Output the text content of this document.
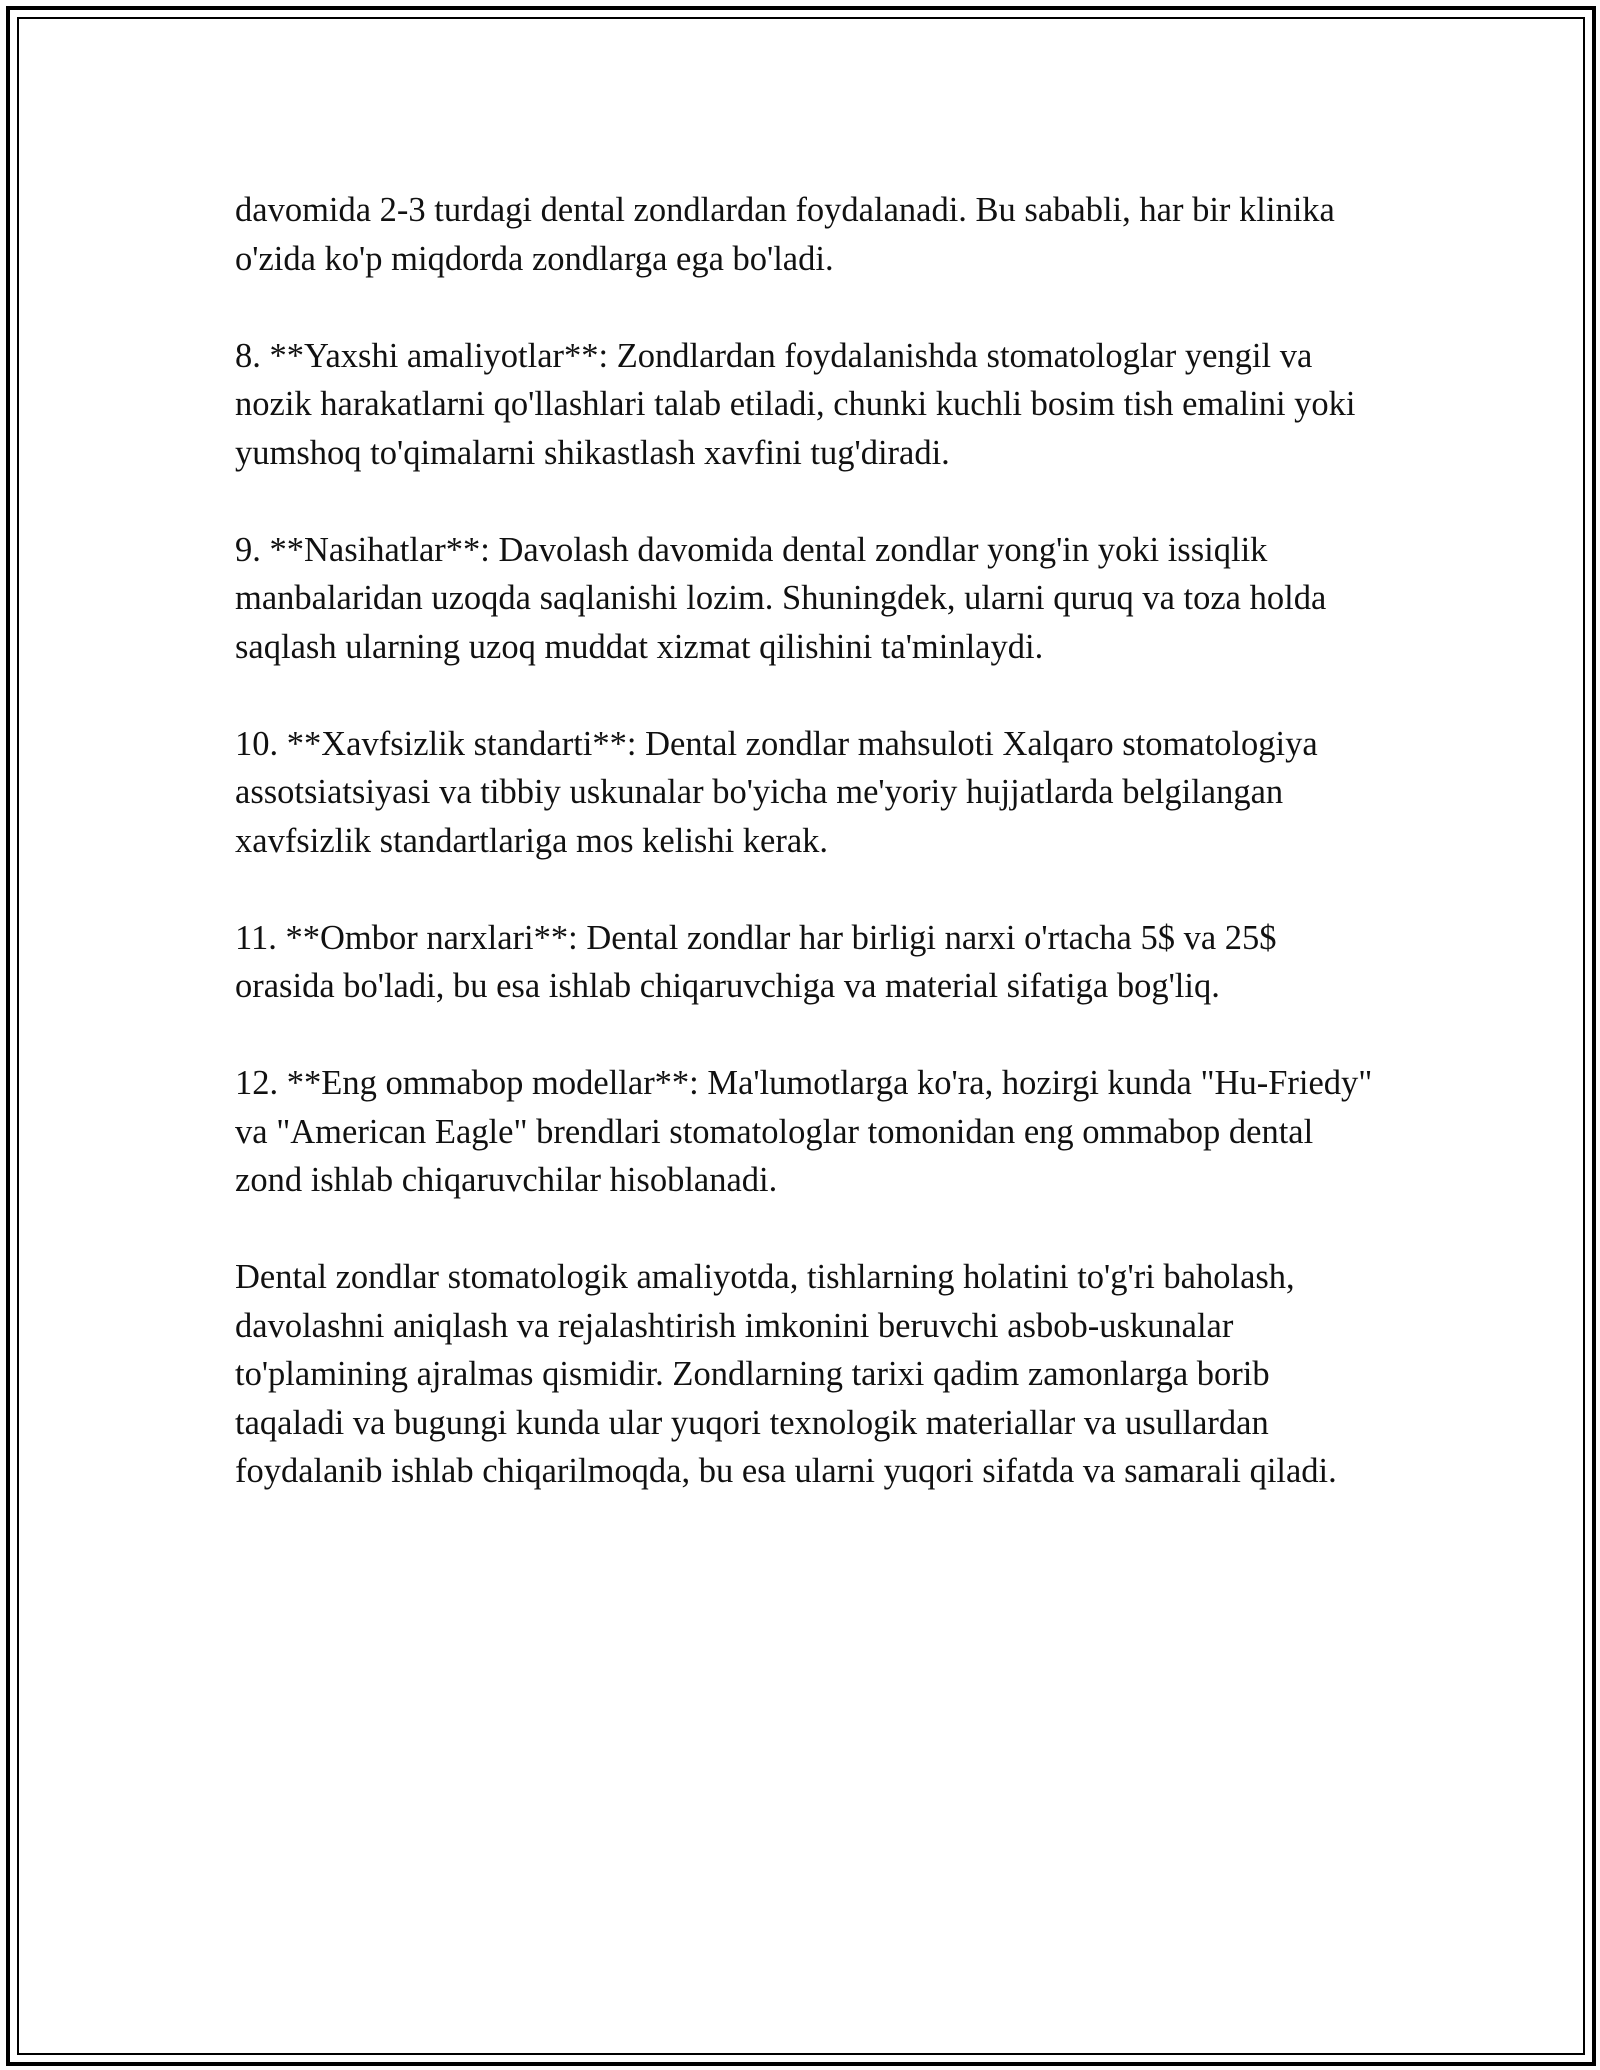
davomida 2-3 turdagi dental zondlardan foydalanadi. Bu sababli, har bir klinika o'zida ko'p miqdorda zondlarga ega bo'ladi.

8. **Yaxshi amaliyotlar**: Zondlardan foydalanishda stomatologlar yengil va nozik harakatlarni qo'llashlari talab etiladi, chunki kuchli bosim tish emalini yoki yumshoq to'qimalarni shikastlash xavfini tug'diradi.

9. **Nasihatlar**: Davolash davomida dental zondlar yong'in yoki issiqlik manbalaridan uzoqda saqlanishi lozim. Shuningdek, ularni quruq va toza holda saqlash ularning uzoq muddat xizmat qilishini ta'minlaydi.

10. **Xavfsizlik standarti**: Dental zondlar mahsuloti Xalqaro stomatologiya assotsiatsiyasi va tibbiy uskunalar bo'yicha me'yoriy hujjatlarda belgilangan xavfsizlik standartlariga mos kelishi kerak.

11. **Ombor narxlari**: Dental zondlar har birligi narxi o'rtacha 5$ va 25$ orasida bo'ladi, bu esa ishlab chiqaruvchiga va material sifatiga bog'liq.

12. **Eng ommabop modellar**: Ma'lumotlarga ko'ra, hozirgi kunda "Hu-Friedy" va "American Eagle" brendlari stomatologlar tomonidan eng ommabop dental zond ishlab chiqaruvchilar hisoblanadi.

Dental zondlar stomatologik amaliyotda, tishlarning holatini to'g'ri baholash, davolashni aniqlash va rejalashtirish imkonini beruvchi asbob-uskunalar to'plamining ajralmas qismidir. Zondlarning tarixi qadim zamonlarga borib taqaladi va bugungi kunda ular yuqori texnologik materiallar va usullardan foydalanib ishlab chiqarilmoqda, bu esa ularni yuqori sifatda va samarali qiladi.
